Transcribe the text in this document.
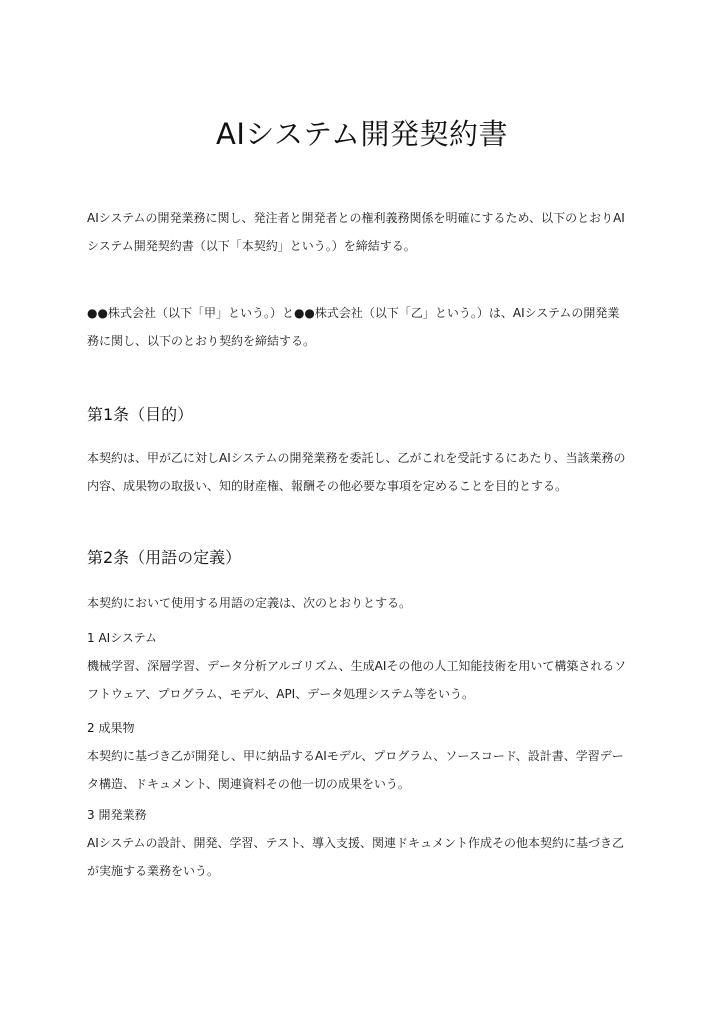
AIシステム開発契約書
AIシステムの開発業務に関し、発注者と開発者との権利義務関係を明確にするため、以下のとおりAI
システム開発契約書（以下「本契約」という。）を締結する。
●●株式会社（以下「甲」という。）と●●株式会社（以下「乙」という。）は、AIシステムの開発業
務に関し、以下のとおり契約を締結する。
第1条（目的）
本契約は、甲が乙に対しAIシステムの開発業務を委託し、乙がこれを受託するにあたり、当該業務の
内容、成果物の取扱い、知的財産権、報酬その他必要な事項を定めることを目的とする。
第2条（用語の定義）
本契約において使用する用語の定義は、次のとおりとする。
1 AIシステム
機械学習、深層学習、データ分析アルゴリズム、生成AIその他の人工知能技術を用いて構築されるソ
フトウェア、プログラム、モデル、API、データ処理システム等をいう。
2 成果物
本契約に基づき乙が開発し、甲に納品するAIモデル、プログラム、ソースコード、設計書、学習デー
タ構造、ドキュメント、関連資料その他一切の成果をいう。
3 開発業務
AIシステムの設計、開発、学習、テスト、導入支援、関連ドキュメント作成その他本契約に基づき乙
が実施する業務をいう。
